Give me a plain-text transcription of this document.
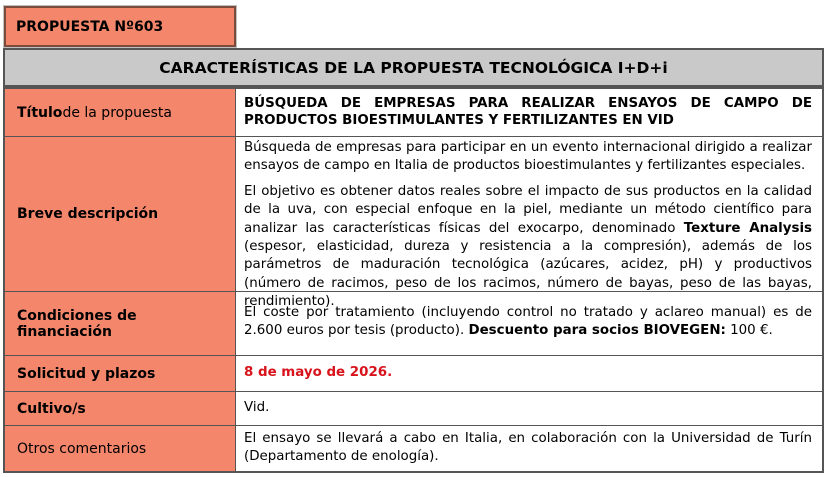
PROPUESTA Nº603
CARACTERÍSTICAS DE LA PROPUESTA TECNOLÓGICA I+D+i
Título de la propuesta
BÚSQUEDA DE EMPRESAS PARA REALIZAR ENSAYOS DE CAMPO DE PRODUCTOS BIOESTIMULANTES Y FERTILIZANTES EN VID
Breve descripción

Búsqueda de empresas para participar en un evento internacional dirigido a realizar ensayos de campo en Italia de productos bioestimulantes y fertilizantes especiales.

El objetivo es obtener datos reales sobre el impacto de sus productos en la calidad de la uva, con especial enfoque en la piel, mediante un método científico para analizar las características físicas del exocarpo, denominado Texture Analysis (espesor, elasticidad, dureza y resistencia a la compresión), además de los parámetros de maduración tecnológica (azúcares, acidez, pH) y productivos (número de racimos, peso de los racimos, número de bayas, peso de las bayas, rendimiento).

Condiciones de financiación
El coste por tratamiento (incluyendo control no tratado y aclareo manual) es de 2.600 euros por tesis (producto). Descuento para socios BIOVEGEN: 100 €.
Solicitud y plazos	8 de mayo de 2026.
Cultivo/s	Vid.
Otros comentarios
El ensayo se llevará a cabo en Italia, en colaboración con la Universidad de Turín (Departamento de enología).
